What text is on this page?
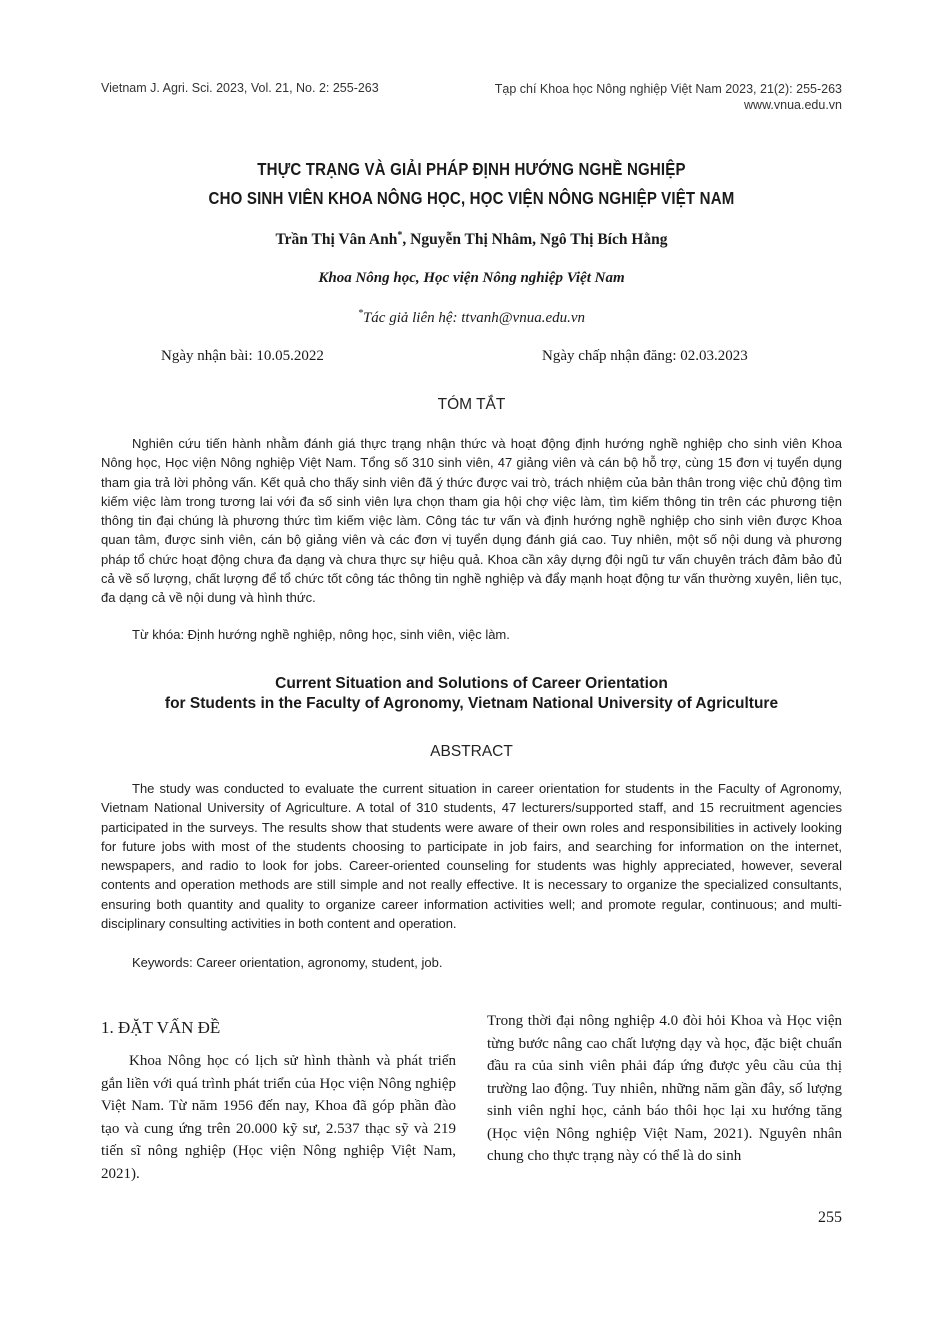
Vietnam J. Agri. Sci. 2023, Vol. 21, No. 2: 255-263	Tạp chí Khoa học Nông nghiệp Việt Nam 2023, 21(2): 255-263
www.vnua.edu.vn
THỰC TRẠNG VÀ GIẢI PHÁP ĐỊNH HƯỚNG NGHỀ NGHIỆP
CHO SINH VIÊN KHOA NÔNG HỌC, HỌC VIỆN NÔNG NGHIỆP VIỆT NAM
Trần Thị Vân Anh*, Nguyễn Thị Nhâm, Ngô Thị Bích Hằng
Khoa Nông học, Học viện Nông nghiệp Việt Nam
*Tác giả liên hệ: ttvanh@vnua.edu.vn
Ngày nhận bài: 10.05.2022	Ngày chấp nhận đăng: 02.03.2023
TÓM TẮT

Nghiên cứu tiến hành nhằm đánh giá thực trạng nhận thức và hoạt động định hướng nghề nghiệp cho sinh viên Khoa Nông học, Học viện Nông nghiệp Việt Nam. Tổng số 310 sinh viên, 47 giảng viên và cán bộ hỗ trợ, cùng 15 đơn vị tuyển dụng tham gia trả lời phỏng vấn. Kết quả cho thấy sinh viên đã ý thức được vai trò, trách nhiệm của bản thân trong việc chủ động tìm kiếm việc làm trong tương lai với đa số sinh viên lựa chọn tham gia hội chợ việc làm, tìm kiếm thông tin trên các phương tiện thông tin đại chúng là phương thức tìm kiếm việc làm. Công tác tư vấn và định hướng nghề nghiệp cho sinh viên được Khoa quan tâm, được sinh viên, cán bộ giảng viên và các đơn vị tuyển dụng đánh giá cao. Tuy nhiên, một số nội dung và phương pháp tổ chức hoạt động chưa đa dạng và chưa thực sự hiệu quả. Khoa cần xây dựng đội ngũ tư vấn chuyên trách đảm bảo đủ cả về số lượng, chất lượng để tổ chức tốt công tác thông tin nghề nghiệp và đẩy mạnh hoạt động tư vấn thường xuyên, liên tục, đa dạng cả về nội dung và hình thức.

Từ khóa: Định hướng nghề nghiệp, nông học, sinh viên, việc làm.
Current Situation and Solutions of Career Orientation
for Students in the Faculty of Agronomy, Vietnam National University of Agriculture
ABSTRACT

The study was conducted to evaluate the current situation in career orientation for students in the Faculty of Agronomy, Vietnam National University of Agriculture. A total of 310 students, 47 lecturers/supported staff, and 15 recruitment agencies participated in the surveys. The results show that students were aware of their own roles and responsibilities in actively looking for future jobs with most of the students choosing to participate in job fairs, and searching for information on the internet, newspapers, and radio to look for jobs. Career-oriented counseling for students was highly appreciated, however, several contents and operation methods are still simple and not really effective. It is necessary to organize the specialized consultants, ensuring both quantity and quality to organize career information activities well; and promote regular, continuous; and multi-disciplinary consulting activities in both content and operation.

Keywords: Career orientation, agronomy, student, job.
1. ĐẶT VẤN ĐỀ

Khoa Nông học có lịch sử hình thành và phát triển gắn liền với quá trình phát triển của Học viện Nông nghiệp Việt Nam. Từ năm 1956 đến nay, Khoa đã góp phần đào tạo và cung ứng trên 20.000 kỹ sư, 2.537 thạc sỹ và 219 tiến sĩ nông nghiệp (Học viện Nông nghiệp Việt Nam, 2021).

Trong thời đại nông nghiệp 4.0 đòi hỏi Khoa và Học viện từng bước nâng cao chất lượng dạy và học, đặc biệt chuẩn đầu ra của sinh viên phải đáp ứng được yêu cầu của thị trường lao động. Tuy nhiên, những năm gần đây, số lượng sinh viên nghỉ học, cảnh báo thôi học lại xu hướng tăng (Học viện Nông nghiệp Việt Nam, 2021). Nguyên nhân chung cho thực trạng này có thể là do sinh

255
